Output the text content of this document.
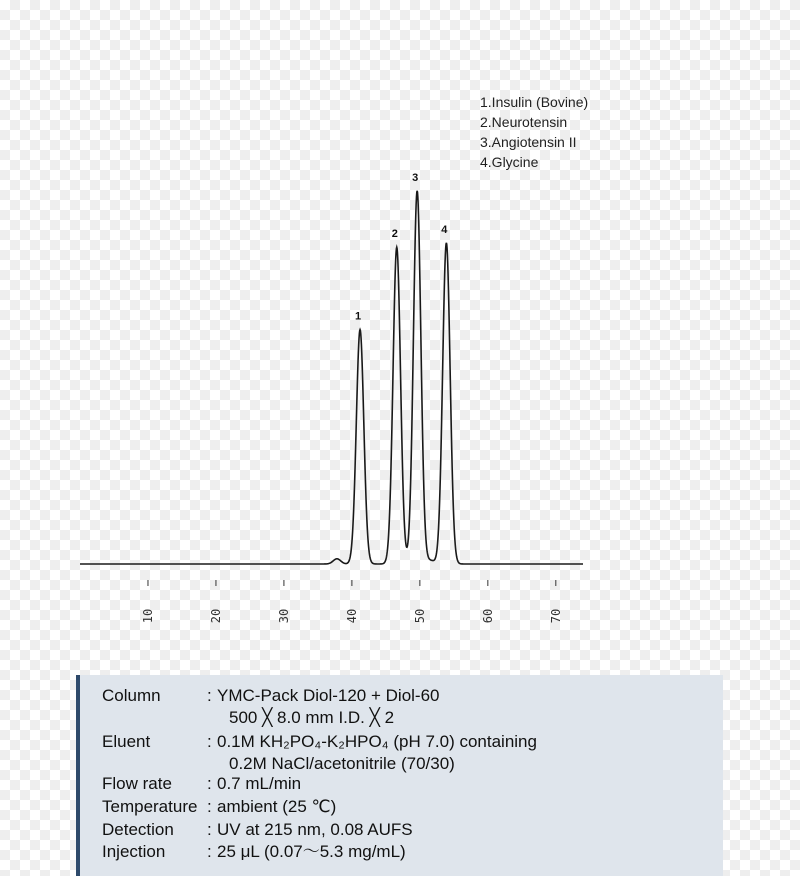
10	20	30	40	50	60	70
1
2
3
4
1.Insulin (Bovine)
2.Neurotensin
3.Angiotensin II
4.Glycine
Column	: YMC-Pack Diol-120 + Diol-60
500 ╳ 8.0 mm I.D. ╳ 2
Eluent	: 0.1M KH₂PO₄-K₂HPO₄ (pH 7.0) containing
0.2M NaCl/acetonitrile (70/30)
Flow rate : 0.7 mL/min
Temperature : ambient (25 ℃)
Detection : UV at 215 nm, 0.08 AUFS
Injection : 25 μL (0.07～5.3 mg/mL)
